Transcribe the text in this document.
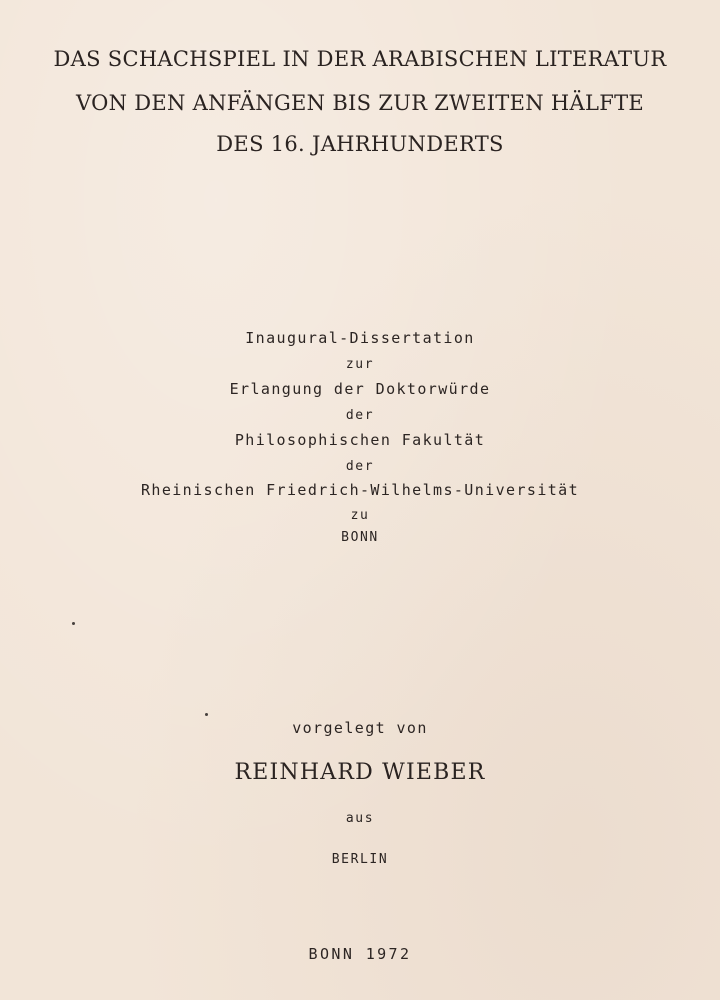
DAS SCHACHSPIEL IN DER ARABISCHEN LITERATUR
VON DEN ANFÄNGEN BIS ZUR ZWEITEN HÄLFTE
DES 16. JAHRHUNDERTS
Inaugural-Dissertation
zur
Erlangung der Doktorwürde
der
Philosophischen Fakultät
der
Rheinischen Friedrich-Wilhelms-Universität
zu
BONN
vorgelegt von
REINHARD WIEBER
aus
BERLIN
BONN 1972
